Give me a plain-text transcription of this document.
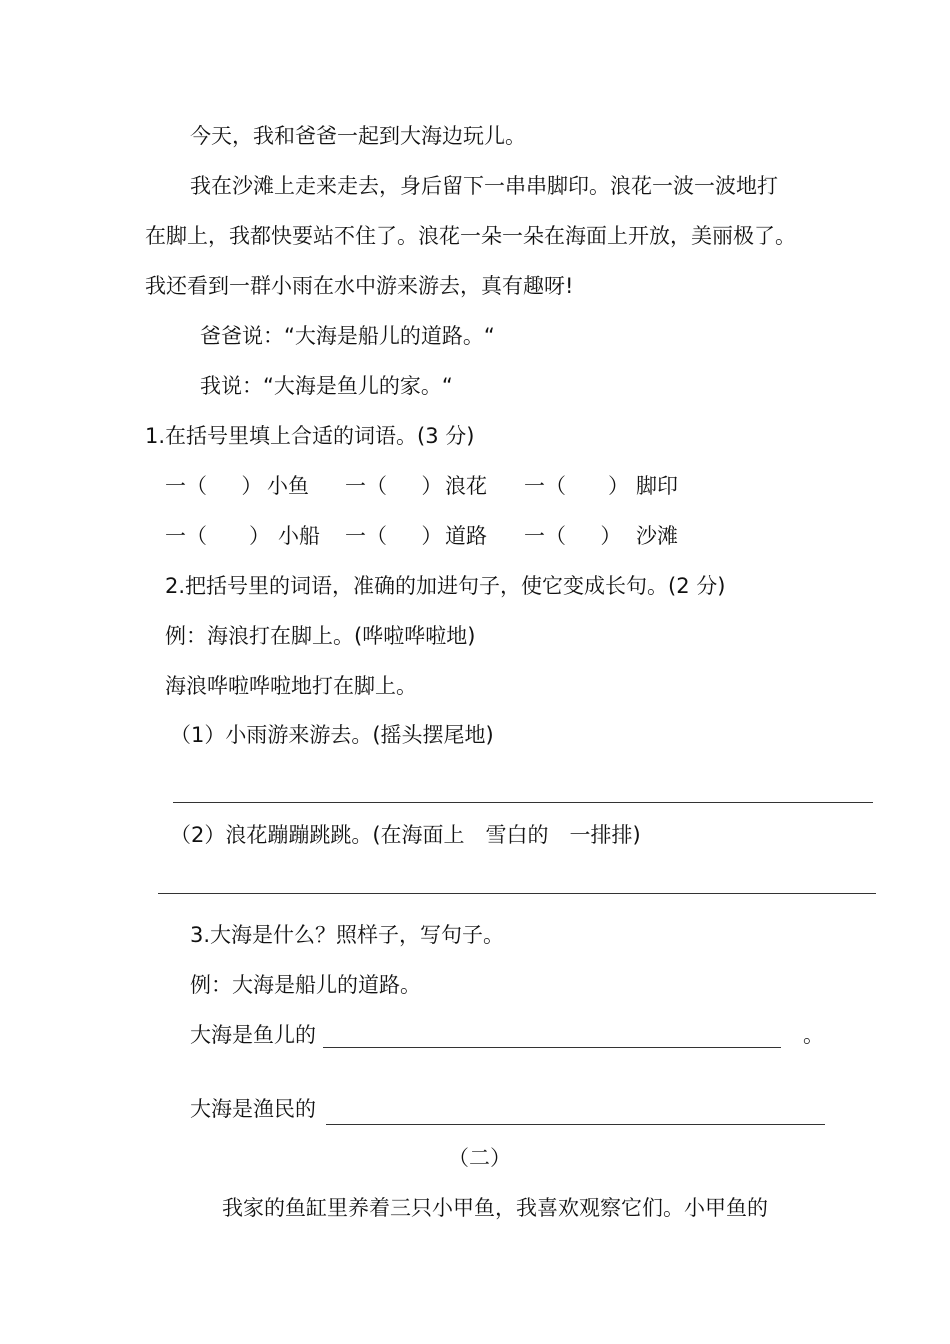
今天，我和爸爸一起到大海边玩儿。
我在沙滩上走来走去，身后留下一串串脚印。浪花一波一波地打
在脚上，我都快要站不住了。浪花一朵一朵在海面上开放，美丽极了。
我还看到一群小雨在水中游来游去，真有趣呀!
爸爸说：“大海是船儿的道路。“
我说：“大海是鱼儿的家。“
1.在括号里填上合适的词语。(3 分)
一（　  ） 小鱼 一（　  ） 浪花 一（　　） 脚印
一（　　） 小船 一（　  ） 道路 一（　  ） 沙滩
2.把括号里的词语，准确的加进句子，使它变成长句。(2 分)
例：海浪打在脚上。(哗啦哗啦地)
海浪哗啦哗啦地打在脚上。
（1）小雨游来游去。(摇头摆尾地)
（2）浪花蹦蹦跳跳。(在海面上　雪白的　一排排)
3.大海是什么？照样子，写句子。
例：大海是船儿的道路。
大海是鱼儿的	。
大海是渔民的
（二）
我家的鱼缸里养着三只小甲鱼，我喜欢观察它们。小甲鱼的
